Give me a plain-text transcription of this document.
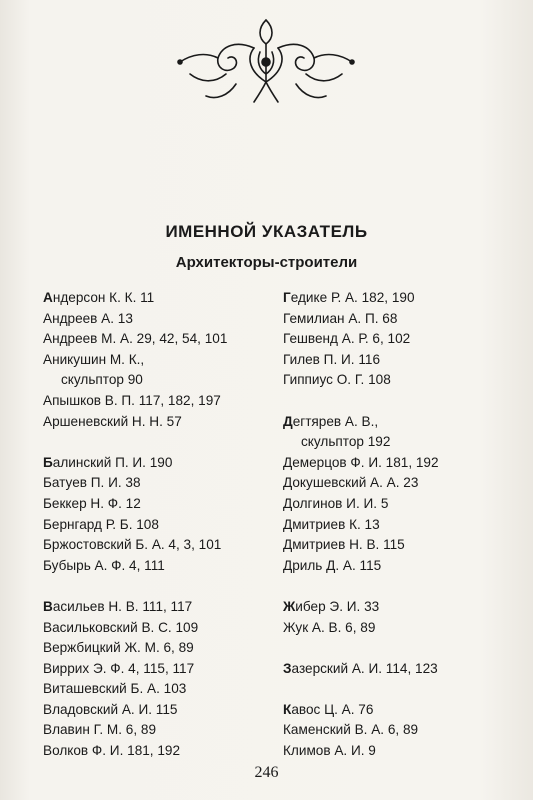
ИМЕННОЙ УКАЗАТЕЛЬ
Архитекторы-строители
Андерсон К. К. 11
Андреев А. 13
Андреев М. А. 29, 42, 54, 101
Аникушин М. К.,
скульптор 90
Апышков В. П. 117, 182, 197
Аршеневский Н. Н. 57
Балинский П. И. 190
Батуев П. И. 38
Беккер Н. Ф. 12
Бернгард Р. Б. 108
Бржостовский Б. А. 4, 3, 101
Бубырь А. Ф. 4, 111
Васильев Н. В. 111, 117
Васильковский В. С. 109
Вержбицкий Ж. М. 6, 89
Виррих Э. Ф. 4, 115, 117
Виташевский Б. А. 103
Владовский А. И. 115
Влавин Г. М. 6, 89
Волков Ф. И. 181, 192
Гедике Р. А. 182, 190
Гемилиан А. П. 68
Гешвенд А. Р. 6, 102
Гилев П. И. 116
Гиппиус О. Г. 108
Дегтярев А. В.,
скульптор 192
Демерцов Ф. И. 181, 192
Докушевский А. А. 23
Долгинов И. И. 5
Дмитриев К. 13
Дмитриев Н. В. 115
Дриль Д. А. 115
Жибер Э. И. 33
Жук А. В. 6, 89
Зазерский А. И. 114, 123
Кавос Ц. А. 76
Каменский В. А. 6, 89
Климов А. И. 9
246
